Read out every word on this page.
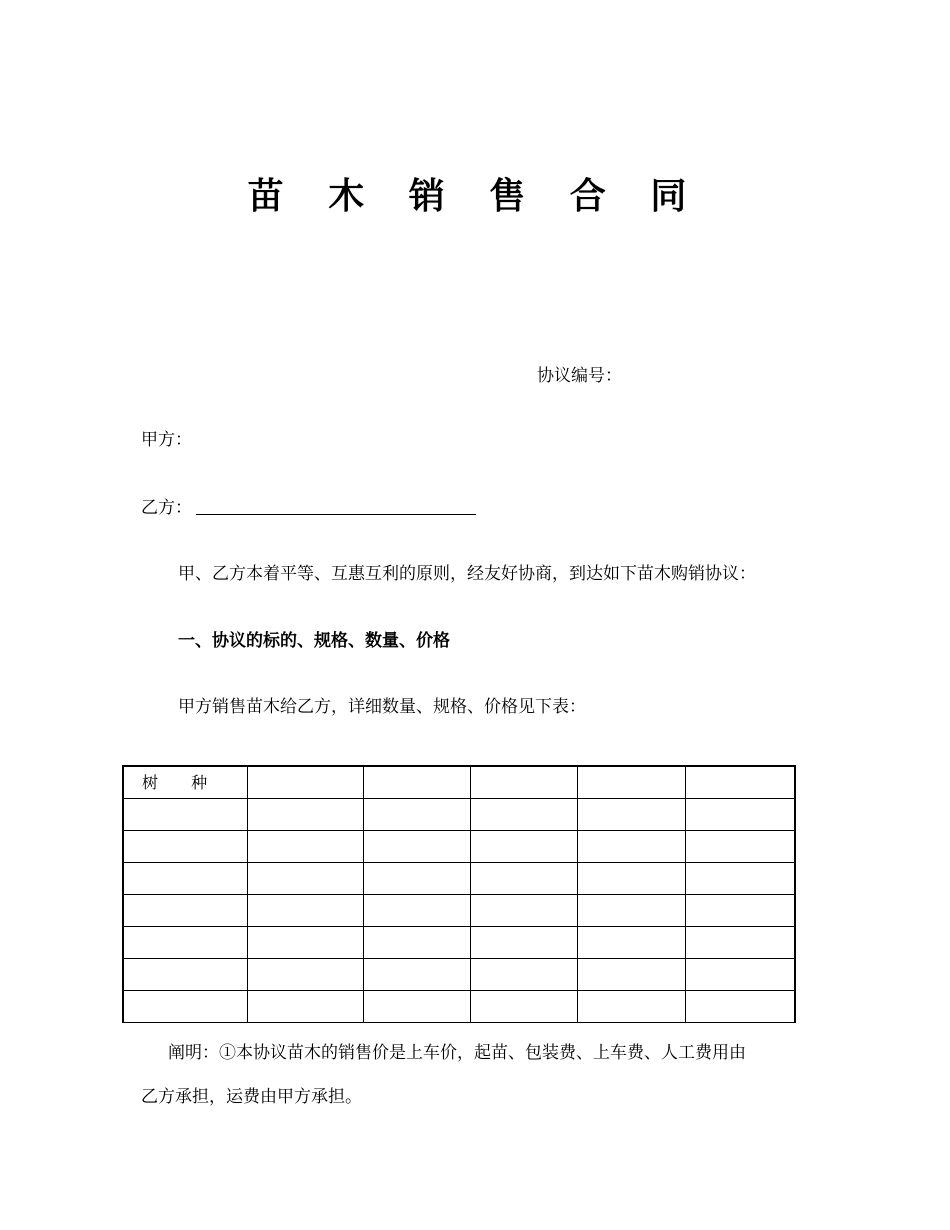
苗 木 销 售 合 同
协议编号：
甲方：
乙方：
甲、乙方本着平等、互惠互利的原则，经友好协商，到达如下苗木购销协议：
一、协议的标的、规格、数量、价格
甲方销售苗木给乙方，详细数量、规格、价格见下表：
树 种					

阐明：①本协议苗木的销售价是上车价，起苗、包装费、上车费、人工费用由
乙方承担，运费由甲方承担。
